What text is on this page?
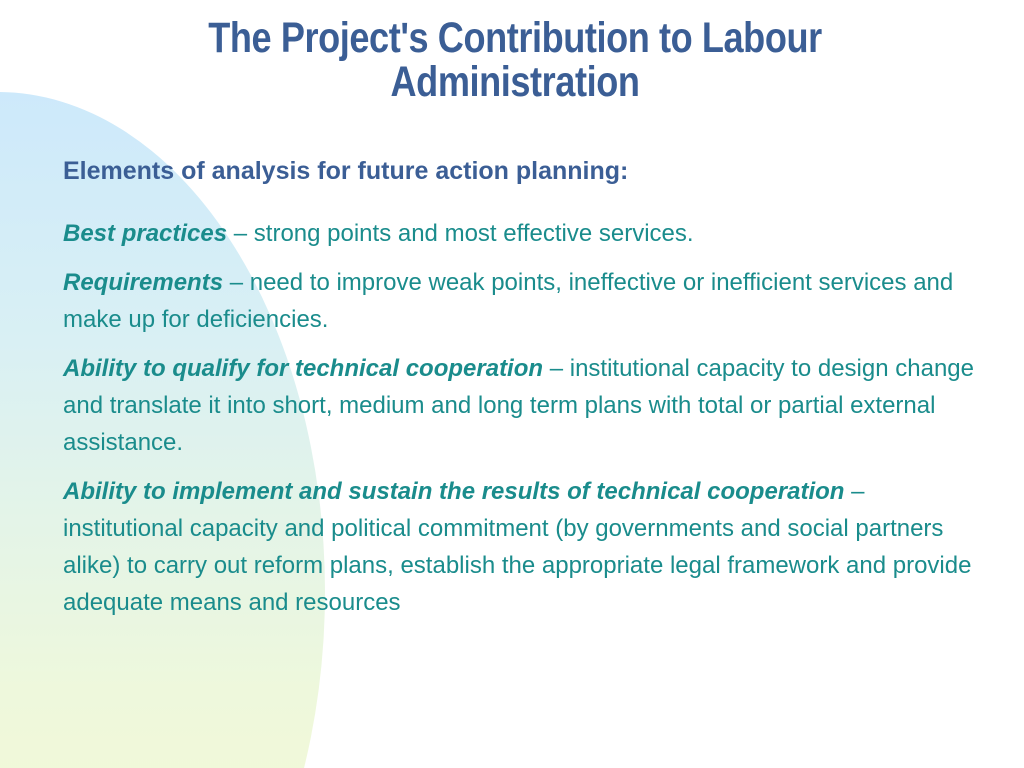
The Project's Contribution to Labour Administration
Elements of analysis for future action planning:

Best practices – strong points and most effective services.

Requirements – need to improve weak points, ineffective or inefficient services and make up for deficiencies.

Ability to qualify for technical cooperation – institutional capacity to design change and translate it into short, medium and long term plans with total or partial external assistance.

Ability to implement and sustain the results of technical cooperation – institutional capacity and political commitment (by governments and social partners alike) to carry out reform plans, establish the appropriate legal framework and provide adequate means and resources
